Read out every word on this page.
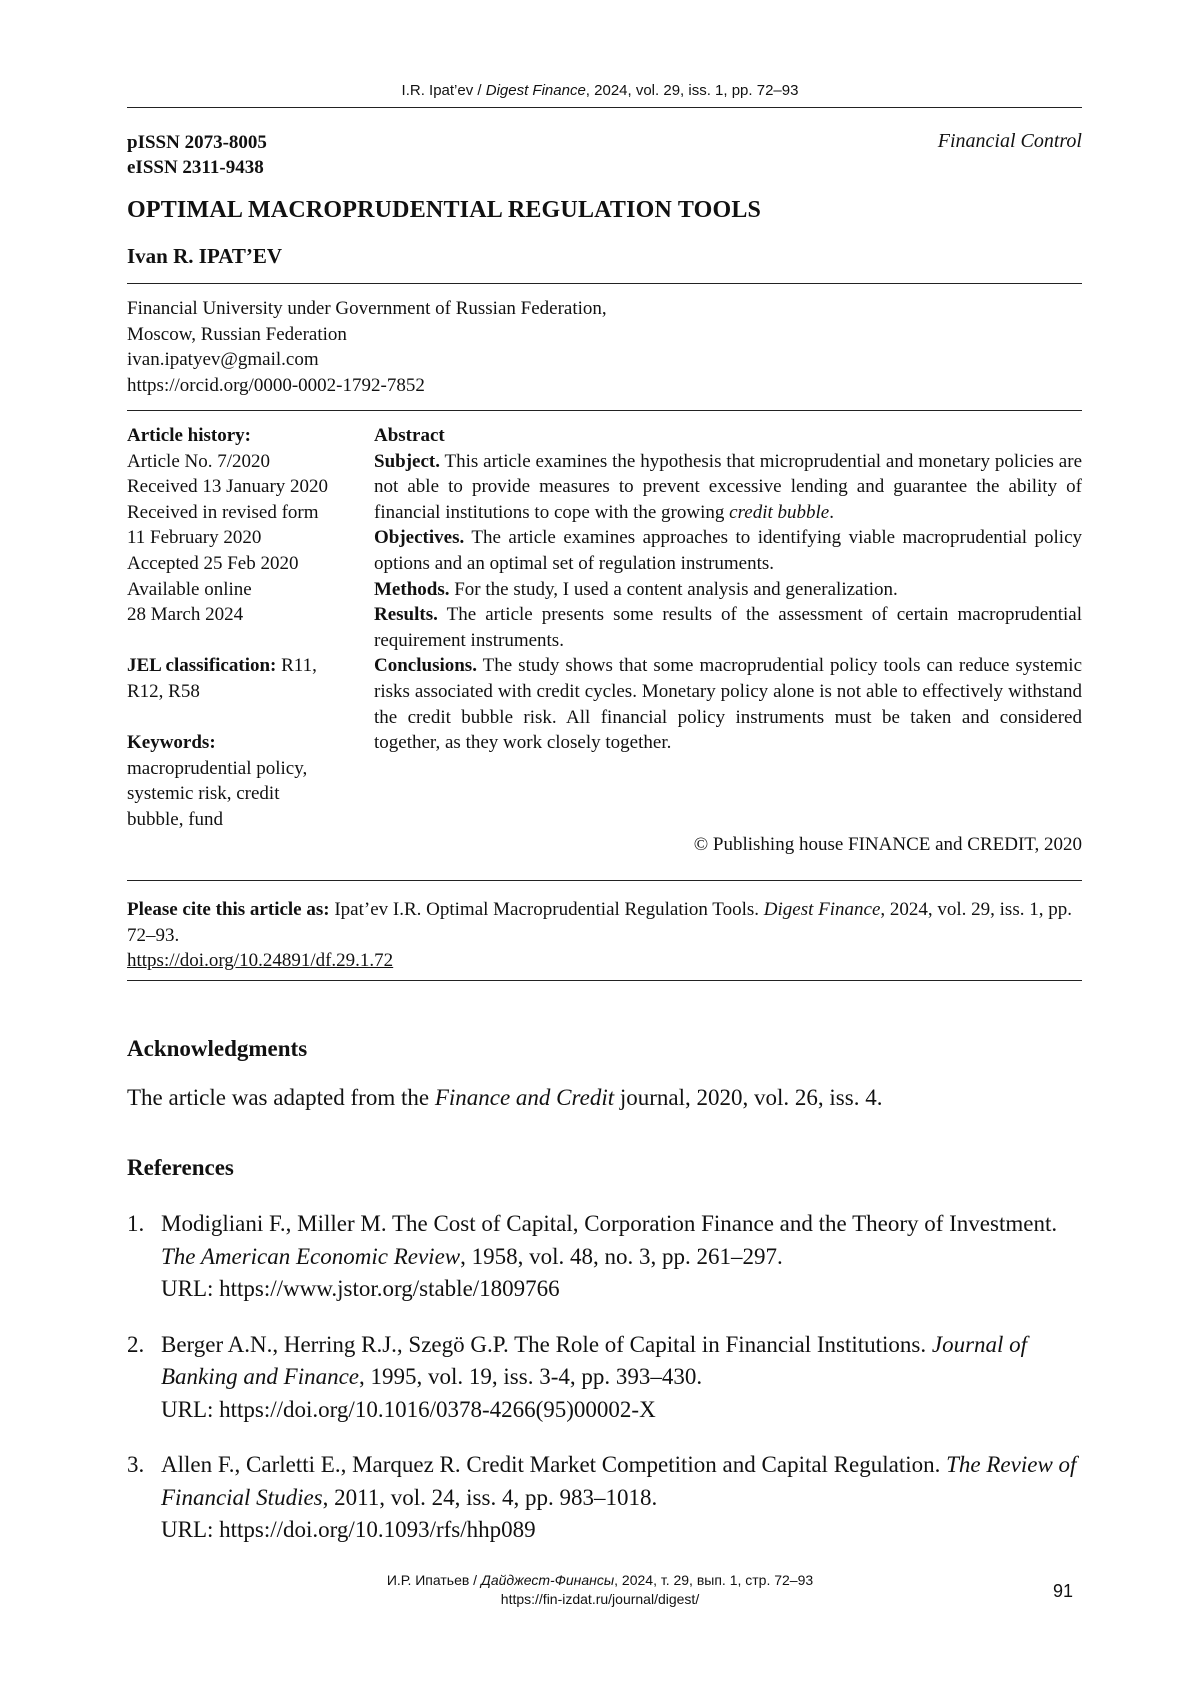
I.R. Ipat’ev / Digest Finance, 2024, vol. 29, iss. 1, pp. 72–93
pISSN 2073-8005
eISSN 2311-9438
Financial Control
OPTIMAL MACROPRUDENTIAL REGULATION TOOLS
Ivan R. IPAT’EV
Financial University under Government of Russian Federation,
Moscow, Russian Federation
ivan.ipatyev@gmail.com
https://orcid.org/0000-0002-1792-7852
Article history:
Article No. 7/2020
Received 13 January 2020
Received in revised form
11 February 2020
Accepted 25 Feb 2020
Available online
28 March 2024
JEL classification: R11,
R12, R58
Keywords:
macroprudential policy,
systemic risk, credit
bubble, fund

Abstract

Subject. This article examines the hypothesis that microprudential and monetary policies are not able to provide measures to prevent excessive lending and guarantee the ability of financial institutions to cope with the growing credit bubble.

Objectives. The article examines approaches to identifying viable macroprudential policy options and an optimal set of regulation instruments.

Methods. For the study, I used a content analysis and generalization.

Results. The article presents some results of the assessment of certain macroprudential requirement instruments.

Conclusions. The study shows that some macroprudential policy tools can reduce systemic risks associated with credit cycles. Monetary policy alone is not able to effectively withstand the credit bubble risk. All financial policy instruments must be taken and considered together, as they work closely together.

© Publishing house FINANCE and CREDIT, 2020
Please cite this article as: Ipat’ev I.R. Optimal Macroprudential Regulation Tools. Digest Finance, 2024, vol. 29, iss. 1, pp. 72–93.
https://doi.org/10.24891/df.29.1.72
Acknowledgments
The article was adapted from the Finance and Credit journal, 2020, vol. 26, iss. 4.
References
1. Modigliani F., Miller M. The Cost of Capital, Corporation Finance and the Theory of Investment. The American Economic Review, 1958, vol. 48, no. 3, pp. 261–297.
URL: https://www.jstor.org/stable/1809766
2. Berger A.N., Herring R.J., Szegö G.P. The Role of Capital in Financial Institutions. Journal of Banking and Finance, 1995, vol. 19, iss. 3-4, pp. 393–430.
URL: https://doi.org/10.1016/0378-4266(95)00002-X
3. Allen F., Carletti E., Marquez R. Credit Market Competition and Capital Regulation. The Review of Financial Studies, 2011, vol. 24, iss. 4, pp. 983–1018.
URL: https://doi.org/10.1093/rfs/hhp089
И.Р. Ипатьев / Дайджест-Финансы, 2024, т. 29, вып. 1, стр. 72–93
https://fin-izdat.ru/journal/digest/	91
